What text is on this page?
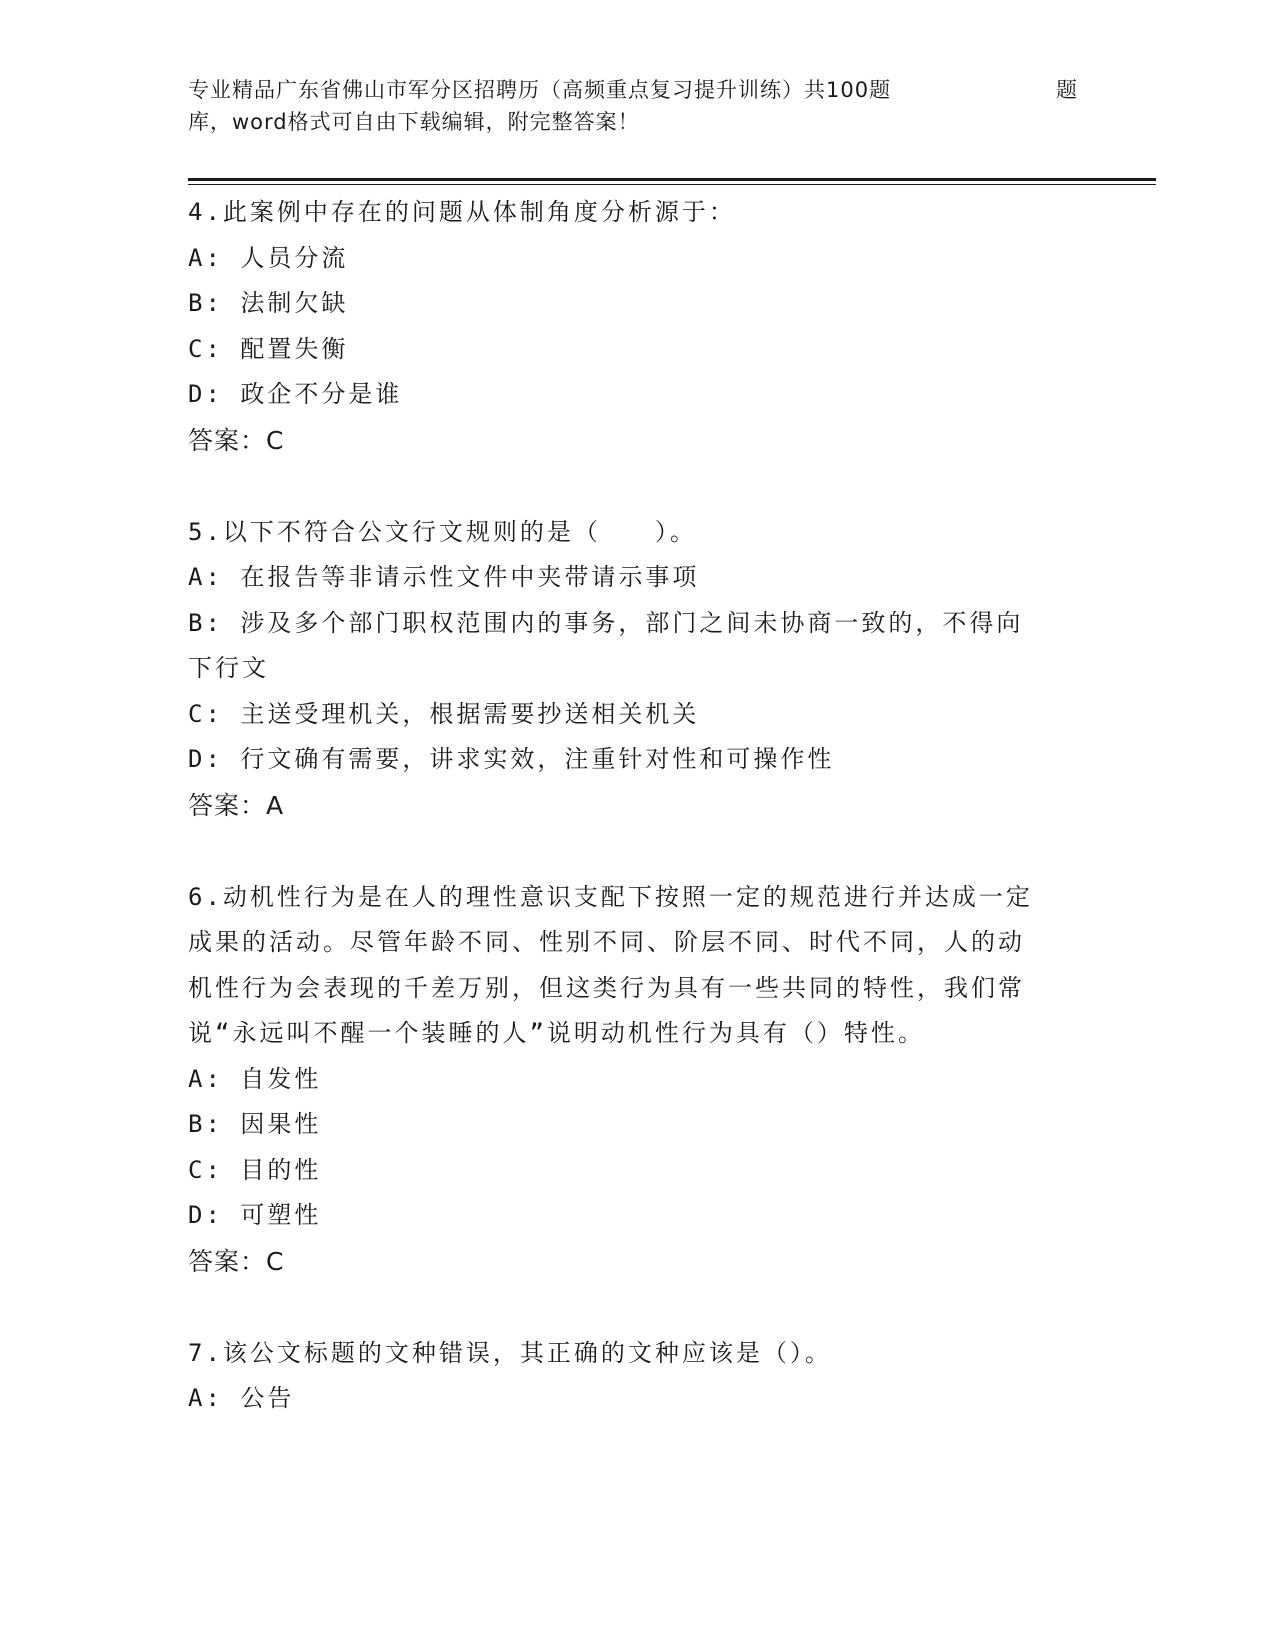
专业精品广东省佛山市军分区招聘历（高频重点复习提升训练）共100题	题
库，word格式可自由下载编辑，附完整答案！
4.此案例中存在的问题从体制角度分析源于：
A: 人员分流
B: 法制欠缺
C: 配置失衡
D: 政企不分是谁
答案：C
5.以下不符合公文行文规则的是（　　）。
A: 在报告等非请示性文件中夹带请示事项
B: 涉及多个部门职权范围内的事务，部门之间未协商一致的，不得向下行文
C: 主送受理机关，根据需要抄送相关机关
D: 行文确有需要，讲求实效，注重针对性和可操作性
答案：A
6.动机性行为是在人的理性意识支配下按照一定的规范进行并达成一定成果的活动。尽管年龄不同、性别不同、阶层不同、时代不同，人的动机性行为会表现的千差万别，但这类行为具有一些共同的特性，我们常说“永远叫不醒一个装睡的人”说明动机性行为具有（）特性。
A: 自发性
B: 因果性
C: 目的性
D: 可塑性
答案：C
7.该公文标题的文种错误，其正确的文种应该是（）。
A: 公告
